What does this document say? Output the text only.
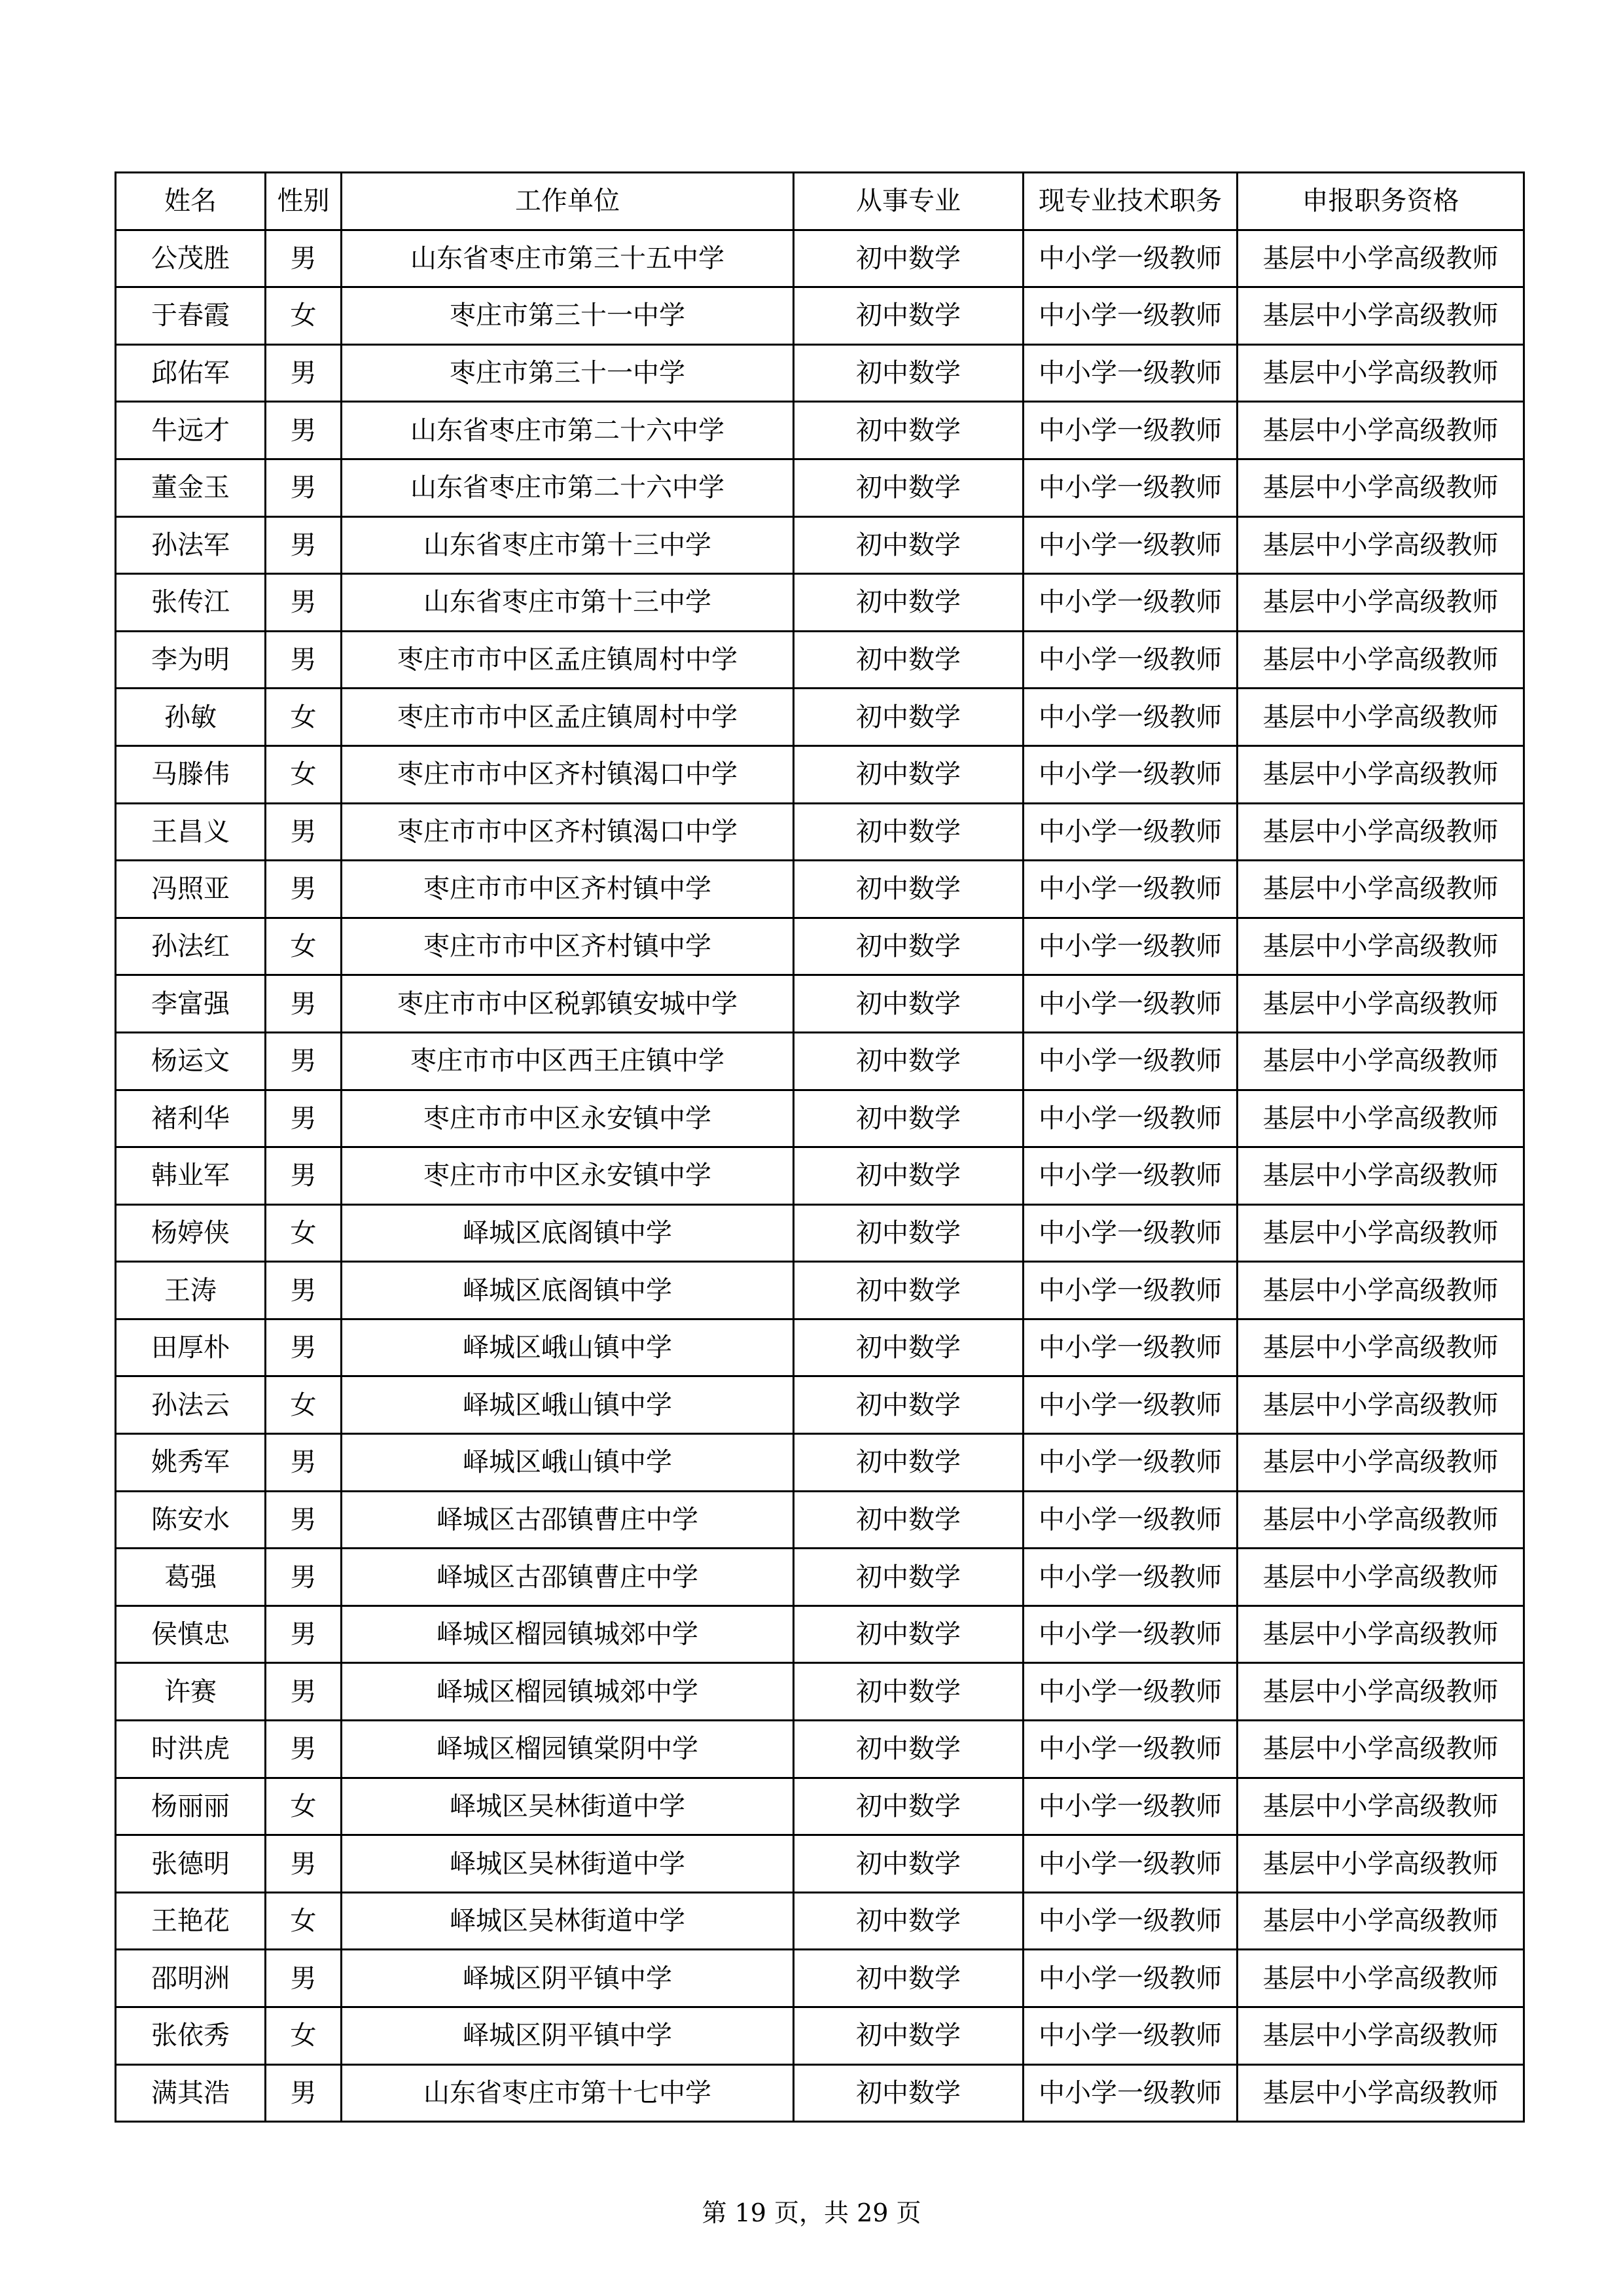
姓名	性别	工作单位	从事专业	现专业技术职务	申报职务资格
公茂胜	男	山东省枣庄市第三十五中学	初中数学	中小学一级教师	基层中小学高级教师
于春霞	女	枣庄市第三十一中学	初中数学	中小学一级教师	基层中小学高级教师
邱佑军	男	枣庄市第三十一中学	初中数学	中小学一级教师	基层中小学高级教师
牛远才	男	山东省枣庄市第二十六中学	初中数学	中小学一级教师	基层中小学高级教师
董金玉	男	山东省枣庄市第二十六中学	初中数学	中小学一级教师	基层中小学高级教师
孙法军	男	山东省枣庄市第十三中学	初中数学	中小学一级教师	基层中小学高级教师
张传江	男	山东省枣庄市第十三中学	初中数学	中小学一级教师	基层中小学高级教师
李为明	男	枣庄市市中区孟庄镇周村中学	初中数学	中小学一级教师	基层中小学高级教师
孙敏	女	枣庄市市中区孟庄镇周村中学	初中数学	中小学一级教师	基层中小学高级教师
马滕伟	女	枣庄市市中区齐村镇渴口中学	初中数学	中小学一级教师	基层中小学高级教师
王昌义	男	枣庄市市中区齐村镇渴口中学	初中数学	中小学一级教师	基层中小学高级教师
冯照亚	男	枣庄市市中区齐村镇中学	初中数学	中小学一级教师	基层中小学高级教师
孙法红	女	枣庄市市中区齐村镇中学	初中数学	中小学一级教师	基层中小学高级教师
李富强	男	枣庄市市中区税郭镇安城中学	初中数学	中小学一级教师	基层中小学高级教师
杨运文	男	枣庄市市中区西王庄镇中学	初中数学	中小学一级教师	基层中小学高级教师
褚利华	男	枣庄市市中区永安镇中学	初中数学	中小学一级教师	基层中小学高级教师
韩业军	男	枣庄市市中区永安镇中学	初中数学	中小学一级教师	基层中小学高级教师
杨婷侠	女	峄城区底阁镇中学	初中数学	中小学一级教师	基层中小学高级教师
王涛	男	峄城区底阁镇中学	初中数学	中小学一级教师	基层中小学高级教师
田厚朴	男	峄城区峨山镇中学	初中数学	中小学一级教师	基层中小学高级教师
孙法云	女	峄城区峨山镇中学	初中数学	中小学一级教师	基层中小学高级教师
姚秀军	男	峄城区峨山镇中学	初中数学	中小学一级教师	基层中小学高级教师
陈安水	男	峄城区古邵镇曹庄中学	初中数学	中小学一级教师	基层中小学高级教师
葛强	男	峄城区古邵镇曹庄中学	初中数学	中小学一级教师	基层中小学高级教师
侯慎忠	男	峄城区榴园镇城郊中学	初中数学	中小学一级教师	基层中小学高级教师
许赛	男	峄城区榴园镇城郊中学	初中数学	中小学一级教师	基层中小学高级教师
时洪虎	男	峄城区榴园镇棠阴中学	初中数学	中小学一级教师	基层中小学高级教师
杨丽丽	女	峄城区吴林街道中学	初中数学	中小学一级教师	基层中小学高级教师
张德明	男	峄城区吴林街道中学	初中数学	中小学一级教师	基层中小学高级教师
王艳花	女	峄城区吴林街道中学	初中数学	中小学一级教师	基层中小学高级教师
邵明洲	男	峄城区阴平镇中学	初中数学	中小学一级教师	基层中小学高级教师
张依秀	女	峄城区阴平镇中学	初中数学	中小学一级教师	基层中小学高级教师
满其浩	男	山东省枣庄市第十七中学	初中数学	中小学一级教师	基层中小学高级教师
第 19 页，共 29 页
